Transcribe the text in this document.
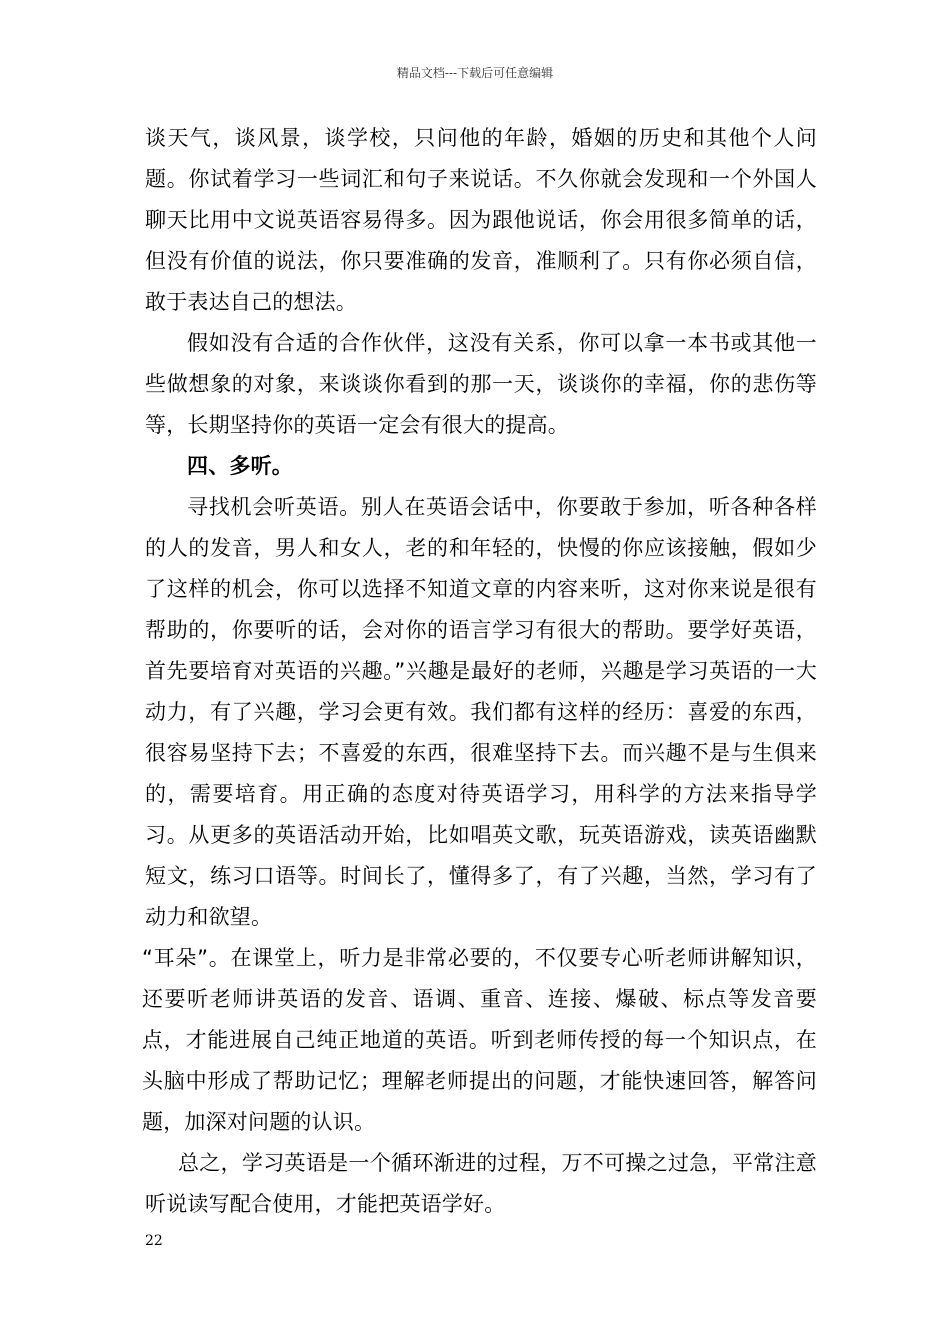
精品文档---下载后可任意编辑

谈天气，谈风景，谈学校，只问他的年龄，婚姻的历史和其他个人问题。你试着学习一些词汇和句子来说话。不久你就会发现和一个外国人聊天比用中文说英语容易得多。因为跟他说话，你会用很多简单的话，但没有价值的说法，你只要准确的发音，准顺利了。只有你必须自信，敢于表达自己的想法。

假如没有合适的合作伙伴，这没有关系，你可以拿一本书或其他一些做想象的对象，来谈谈你看到的那一天，谈谈你的幸福，你的悲伤等等，长期坚持你的英语一定会有很大的提高。

四、多听。

寻找机会听英语。别人在英语会话中，你要敢于参加，听各种各样的人的发音，男人和女人，老的和年轻的，快慢的你应该接触，假如少了这样的机会，你可以选择不知道文章的内容来听，这对你来说是很有帮助的，你要听的话，会对你的语言学习有很大的帮助。要学好英语，首先要培育对英语的兴趣。”兴趣是最好的老师，兴趣是学习英语的一大动力，有了兴趣，学习会更有效。我们都有这样的经历：喜爱的东西，很容易坚持下去；不喜爱的东西，很难坚持下去。而兴趣不是与生俱来的，需要培育。用正确的态度对待英语学习，用科学的方法来指导学习。从更多的英语活动开始，比如唱英文歌，玩英语游戏，读英语幽默短文，练习口语等。时间长了，懂得多了，有了兴趣，当然，学习有了动力和欲望。

“耳朵”。在课堂上，听力是非常必要的，不仅要专心听老师讲解知识，还要听老师讲英语的发音、语调、重音、连接、爆破、标点等发音要点，才能进展自己纯正地道的英语。听到老师传授的每一个知识点，在头脑中形成了帮助记忆；理解老师提出的问题，才能快速回答，解答问题，加深对问题的认识。

总之，学习英语是一个循环渐进的过程，万不可操之过急，平常注意听说读写配合使用，才能把英语学好。

22
